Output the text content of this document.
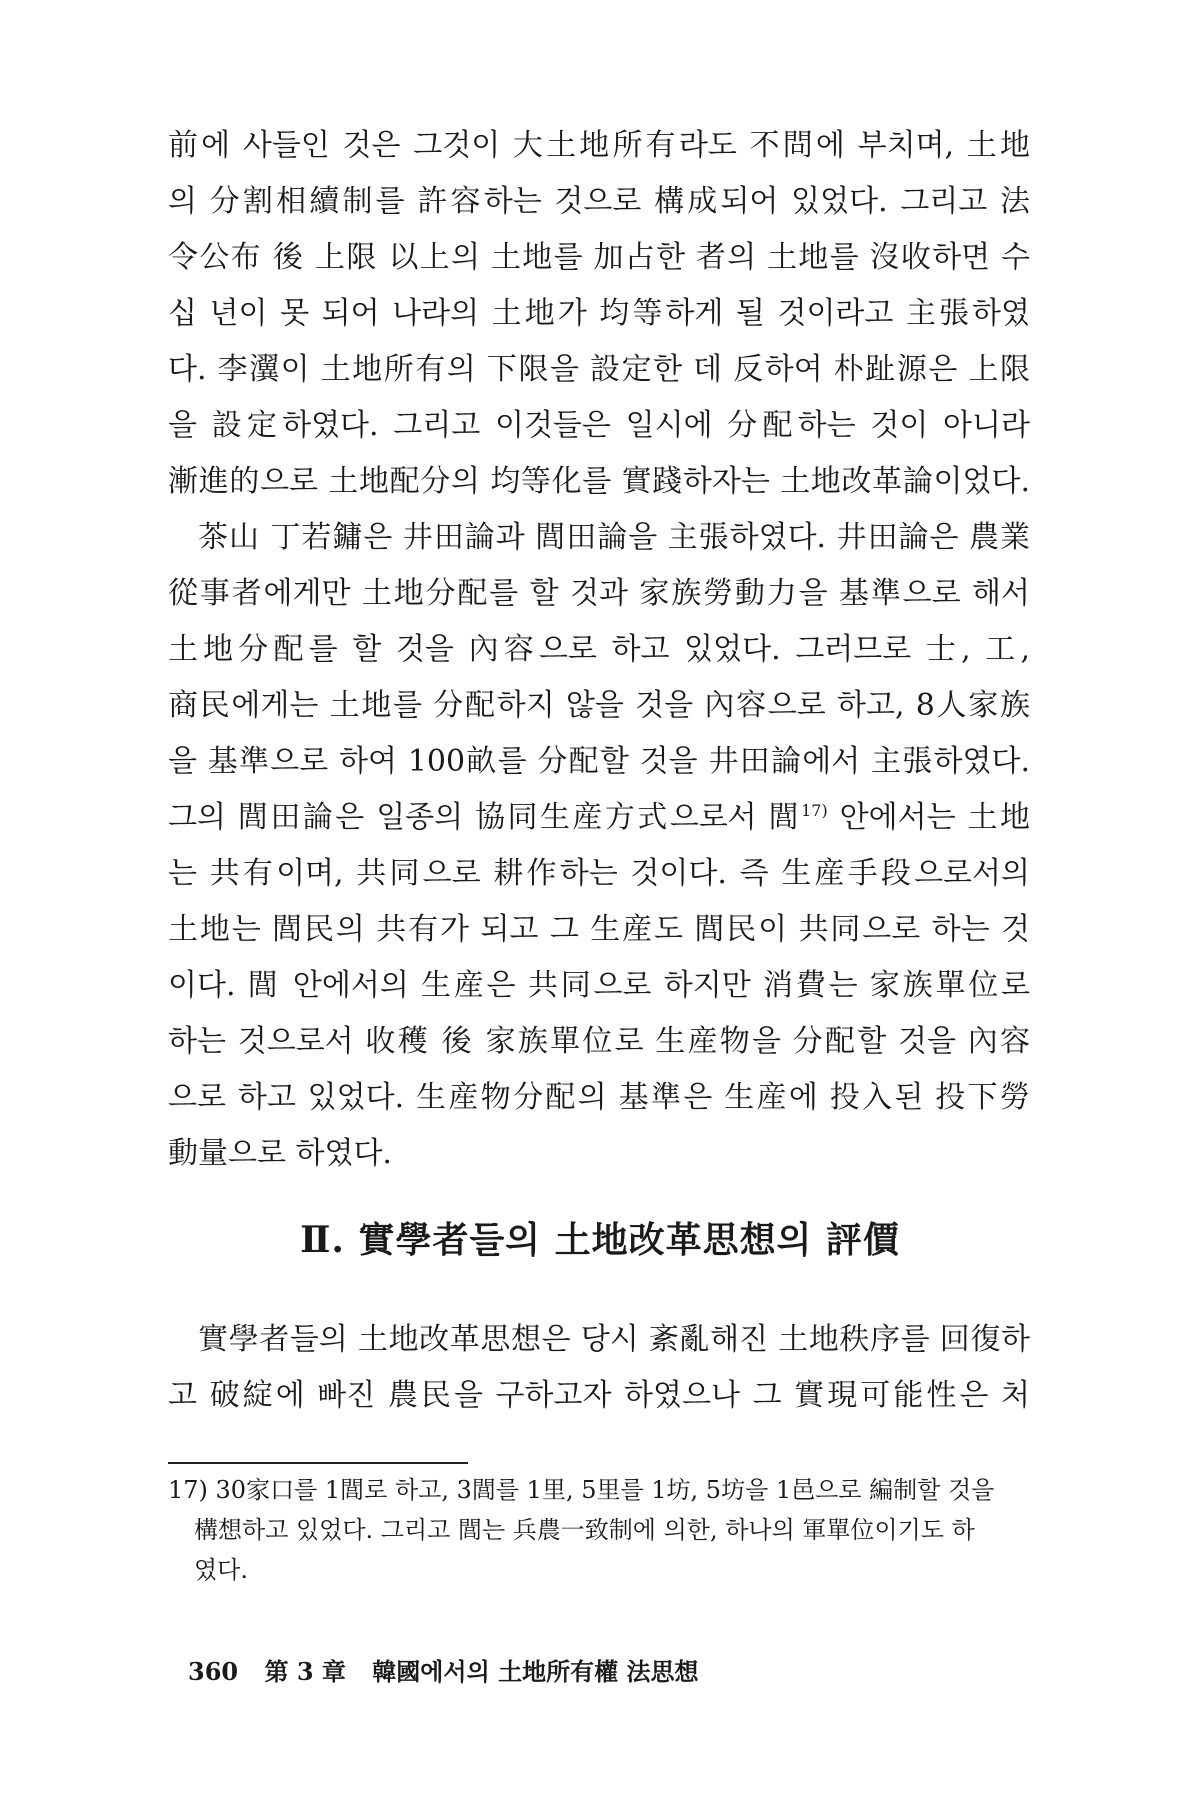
前에 사들인 것은 그것이 大土地所有라도 不問에 부치며, 土地
의 分割相續制를 許容하는 것으로 構成되어 있었다. 그리고 法
令公布 後 上限 以上의 土地를 加占한 者의 土地를 沒收하면 수
십 년이 못 되어 나라의 土地가 均等하게 될 것이라고 主張하였
다. 李瀷이 土地所有의 下限을 設定한 데 反하여 朴趾源은 上限
을 設定하였다. 그리고 이것들은 일시에 分配하는 것이 아니라
漸進的으로 土地配分의 均等化를 實踐하자는 土地改革論이었다.
茶山 丁若鏞은 井田論과 閭田論을 主張하였다. 井田論은 農業
從事者에게만 土地分配를 할 것과 家族勞動力을 基準으로 해서
土地分配를 할 것을 內容으로 하고 있었다. 그러므로 士, 工,
商民에게는 土地를 分配하지 않을 것을 內容으로 하고, 8人家族
을 基準으로 하여 100畝를 分配할 것을 井田論에서 主張하였다.
그의 閭田論은 일종의 協同生産方式으로서 閭$^{17)}$ 안에서는 土地
는 共有이며, 共同으로 耕作하는 것이다. 즉 生産手段으로서의
土地는 閭民의 共有가 되고 그 生産도 閭民이 共同으로 하는 것
이다. 閭 안에서의 生産은 共同으로 하지만 消費는 家族單位로
하는 것으로서 收穫 後 家族單位로 生産物을 分配할 것을 內容
으로 하고 있었다. 生産物分配의 基準은 生産에 投入된 投下勞
動量으로 하였다.
Ⅱ. 實學者들의 土地改革思想의 評價
實學者들의 土地改革思想은 당시 紊亂해진 土地秩序를 回復하
고 破綻에 빠진 農民을 구하고자 하였으나 그 實現可能性은 처
17) 30家口를 1閭로 하고, 3閭를 1里, 5里를 1坊, 5坊을 1邑으로 編制할 것을
構想하고 있었다. 그리고 閭는 兵農一致制에 의한, 하나의 軍單位이기도 하
였다.
360 第 3 章 韓國에서의 土地所有權 法思想
